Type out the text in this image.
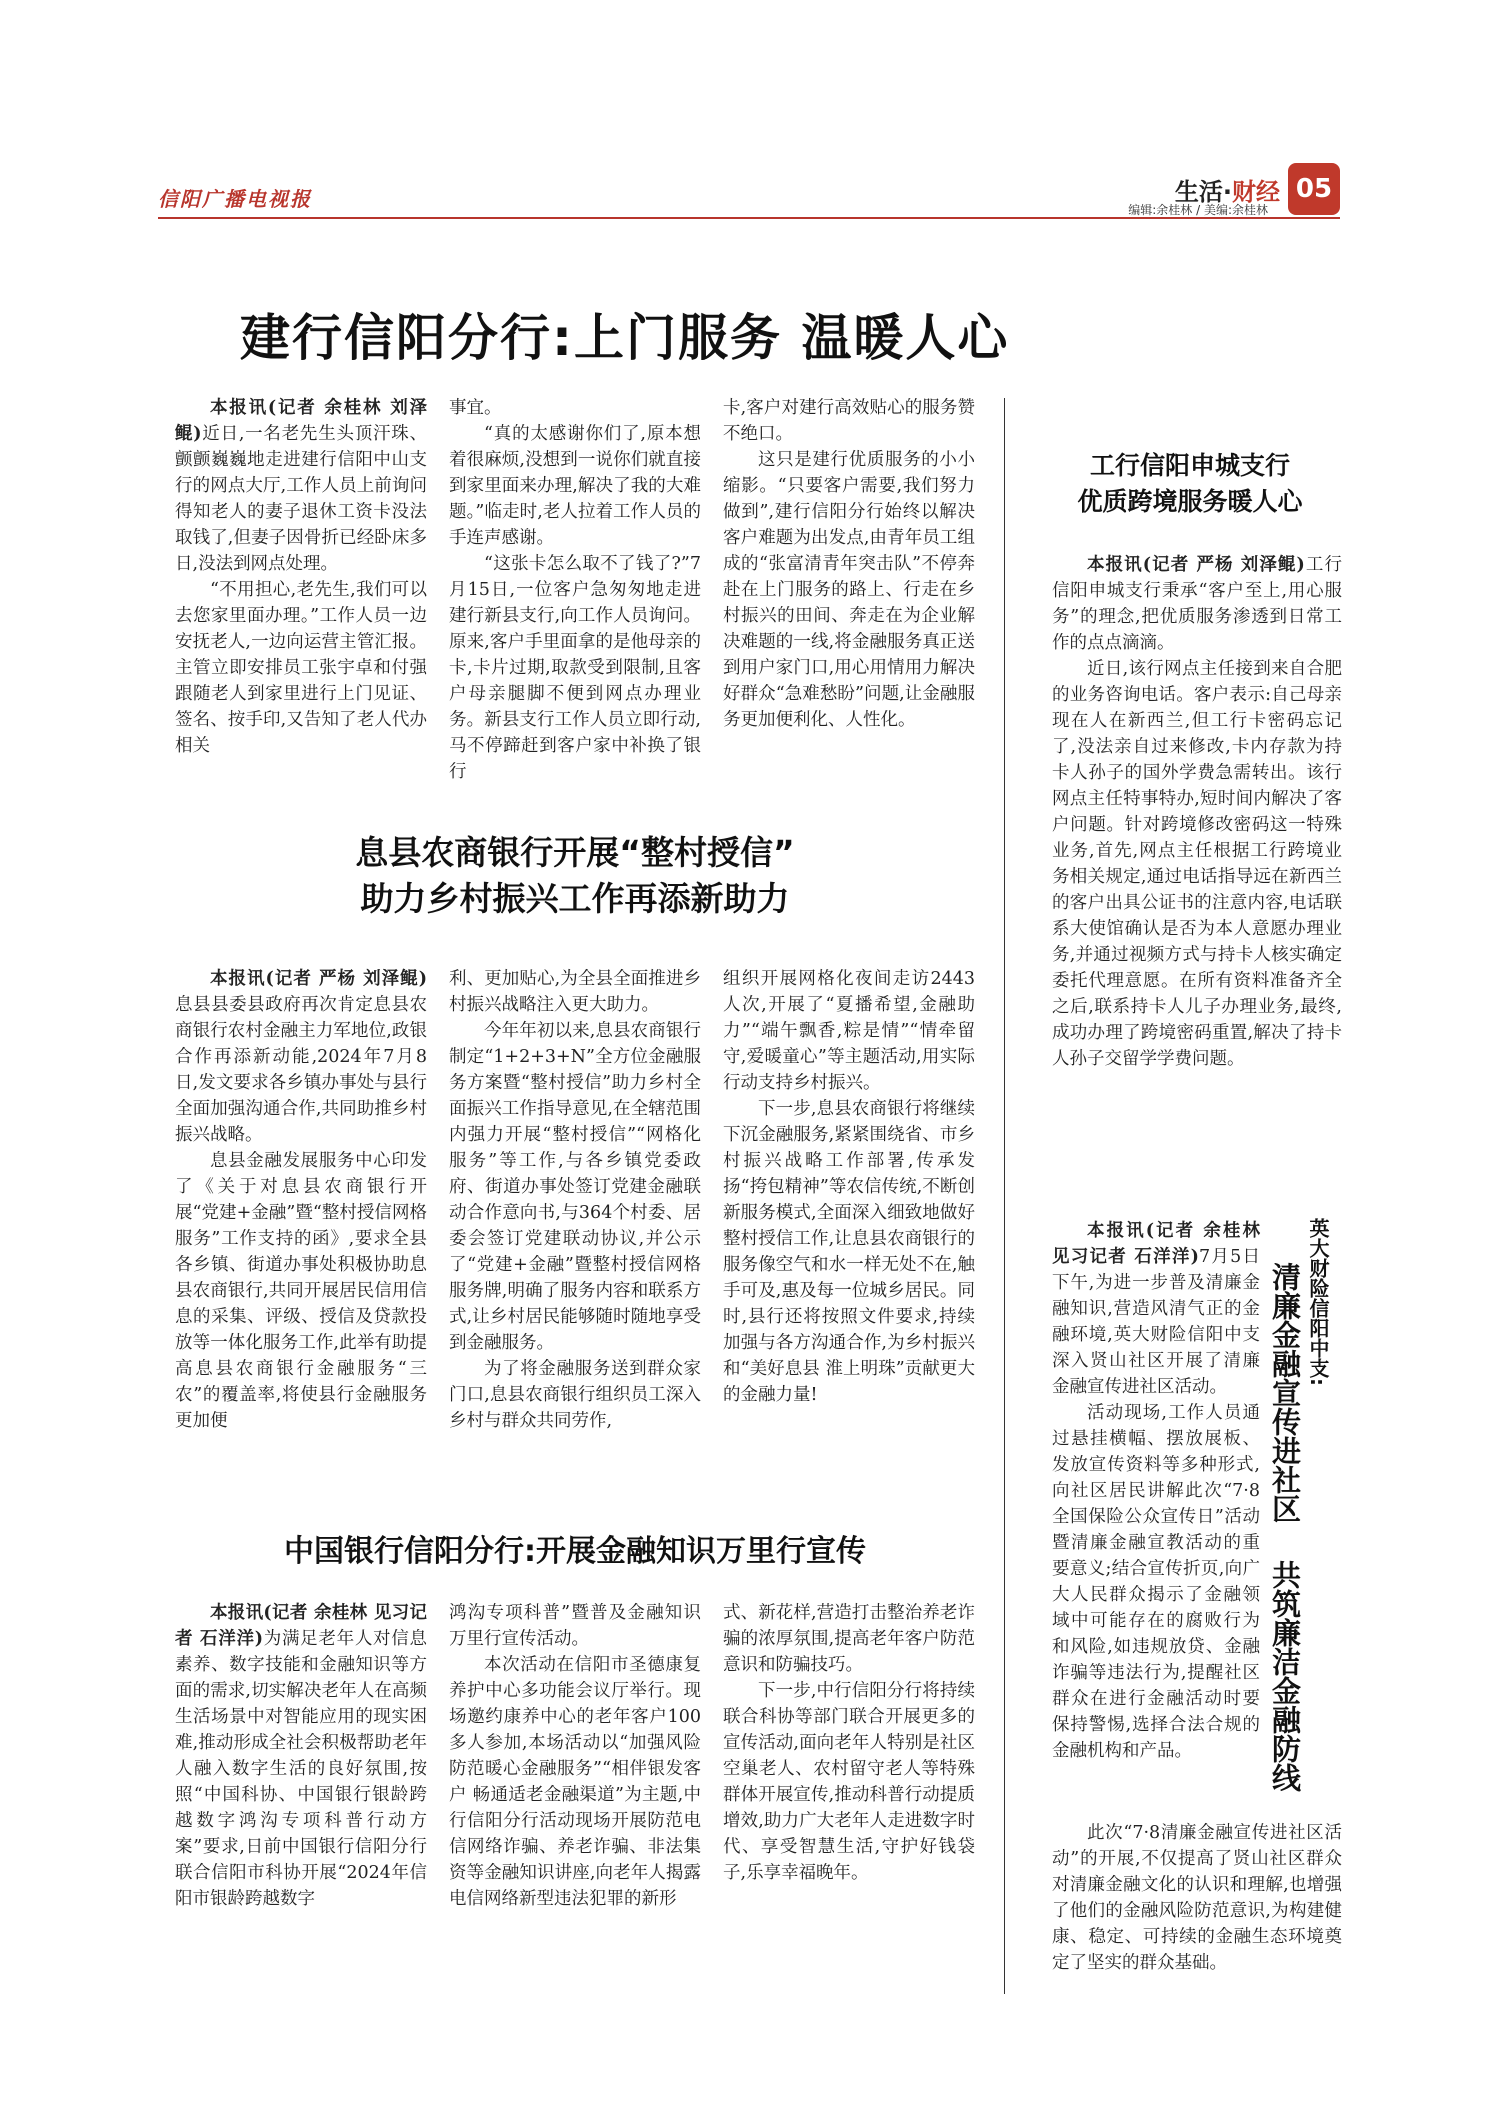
信阳广播电视报	生活·财经 05
编辑:余桂林 / 美编:余桂林
建行信阳分行:上门服务 温暖人心

本报讯(记者 余桂林 刘泽鲲)近日,一名老先生头顶汗珠、颤颤巍巍地走进建行信阳中山支行的网点大厅,工作人员上前询问得知老人的妻子退休工资卡没法取钱了,但妻子因骨折已经卧床多日,没法到网点处理。

“不用担心,老先生,我们可以去您家里面办理。”工作人员一边安抚老人,一边向运营主管汇报。主管立即安排员工张宇卓和付强跟随老人到家里进行上门见证、签名、按手印,又告知了老人代办相关

事宜。

“真的太感谢你们了,原本想着很麻烦,没想到一说你们就直接到家里面来办理,解决了我的大难题。”临走时,老人拉着工作人员的手连声感谢。

“这张卡怎么取不了钱了?”7月15日,一位客户急匆匆地走进建行新县支行,向工作人员询问。原来,客户手里面拿的是他母亲的卡,卡片过期,取款受到限制,且客户母亲腿脚不便到网点办理业务。新县支行工作人员立即行动,马不停蹄赶到客户家中补换了银行

卡,客户对建行高效贴心的服务赞不绝口。

这只是建行优质服务的小小缩影。“只要客户需要,我们努力做到”,建行信阳分行始终以解决客户难题为出发点,由青年员工组成的“张富清青年突击队”不停奔赴在上门服务的路上、行走在乡村振兴的田间、奔走在为企业解决难题的一线,将金融服务真正送到用户家门口,用心用情用力解决好群众“急难愁盼”问题,让金融服务更加便利化、人性化。

息县农商银行开展“整村授信”
助力乡村振兴工作再添新助力

本报讯(记者 严杨 刘泽鲲)息县县委县政府再次肯定息县农商银行农村金融主力军地位,政银合作再添新动能,2024年7月8日,发文要求各乡镇办事处与县行全面加强沟通合作,共同助推乡村振兴战略。

息县金融发展服务中心印发了《关于对息县农商银行开展“党建+金融”暨“整村授信网格服务”工作支持的函》,要求全县各乡镇、街道办事处积极协助息县农商银行,共同开展居民信用信息的采集、评级、授信及贷款投放等一体化服务工作,此举有助提高息县农商银行金融服务“三农”的覆盖率,将使县行金融服务更加便

利、更加贴心,为全县全面推进乡村振兴战略注入更大助力。

今年年初以来,息县农商银行制定“1+2+3+N”全方位金融服务方案暨“整村授信”助力乡村全面振兴工作指导意见,在全辖范围内强力开展“整村授信”“网格化服务”等工作,与各乡镇党委政府、街道办事处签订党建金融联动合作意向书,与364个村委、居委会签订党建联动协议,并公示了“党建+金融”暨整村授信网格服务牌,明确了服务内容和联系方式,让乡村居民能够随时随地享受到金融服务。

为了将金融服务送到群众家门口,息县农商银行组织员工深入乡村与群众共同劳作,

组织开展网格化夜间走访2443人次,开展了“夏播希望,金融助力”“端午飘香,粽是情”“情牵留守,爱暖童心”等主题活动,用实际行动支持乡村振兴。

下一步,息县农商银行将继续下沉金融服务,紧紧围绕省、市乡村振兴战略工作部署,传承发扬“挎包精神”等农信传统,不断创新服务模式,全面深入细致地做好整村授信工作,让息县农商银行的服务像空气和水一样无处不在,触手可及,惠及每一位城乡居民。同时,县行还将按照文件要求,持续加强与各方沟通合作,为乡村振兴和“美好息县 淮上明珠”贡献更大的金融力量!

中国银行信阳分行:开展金融知识万里行宣传

本报讯(记者 余桂林 见习记者 石洋洋)为满足老年人对信息素养、数字技能和金融知识等方面的需求,切实解决老年人在高频生活场景中对智能应用的现实困难,推动形成全社会积极帮助老年人融入数字生活的良好氛围,按照“中国科协、中国银行银龄跨越数字鸿沟专项科普行动方案”要求,日前中国银行信阳分行联合信阳市科协开展“2024年信阳市银龄跨越数字

鸿沟专项科普”暨普及金融知识万里行宣传活动。

本次活动在信阳市圣德康复养护中心多功能会议厅举行。现场邀约康养中心的老年客户100多人参加,本场活动以“加强风险防范暖心金融服务”“相伴银发客户 畅通适老金融渠道”为主题,中行信阳分行活动现场开展防范电信网络诈骗、养老诈骗、非法集资等金融知识讲座,向老年人揭露电信网络新型违法犯罪的新形

式、新花样,营造打击整治养老诈骗的浓厚氛围,提高老年客户防范意识和防骗技巧。

下一步,中行信阳分行将持续联合科协等部门联合开展更多的宣传活动,面向老年人特别是社区空巢老人、农村留守老人等特殊群体开展宣传,推动科普行动提质增效,助力广大老年人走进数字时代、享受智慧生活,守护好钱袋子,乐享幸福晚年。

工行信阳申城支行
优质跨境服务暖人心

本报讯(记者 严杨 刘泽鲲)工行信阳申城支行秉承“客户至上,用心服务”的理念,把优质服务渗透到日常工作的点点滴滴。

近日,该行网点主任接到来自合肥的业务咨询电话。客户表示:自己母亲现在人在新西兰,但工行卡密码忘记了,没法亲自过来修改,卡内存款为持卡人孙子的国外学费急需转出。该行网点主任特事特办,短时间内解决了客户问题。针对跨境修改密码这一特殊业务,首先,网点主任根据工行跨境业务相关规定,通过电话指导远在新西兰的客户出具公证书的注意内容,电话联系大使馆确认是否为本人意愿办理业务,并通过视频方式与持卡人核实确定委托代理意愿。在所有资料准备齐全之后,联系持卡人儿子办理业务,最终,成功办理了跨境密码重置,解决了持卡人孙子交留学学费问题。

英大财险信阳中支:
清廉金融宣传进社区
共筑廉洁金融防线

本报讯(记者 余桂林 见习记者 石洋洋)7月5日下午,为进一步普及清廉金融知识,营造风清气正的金融环境,英大财险信阳中支深入贤山社区开展了清廉金融宣传进社区活动。

活动现场,工作人员通过悬挂横幅、摆放展板、发放宣传资料等多种形式,向社区居民讲解此次“7·8全国保险公众宣传日”活动暨清廉金融宣教活动的重要意义;结合宣传折页,向广大人民群众揭示了金融领域中可能存在的腐败行为和风险,如违规放贷、金融诈骗等违法行为,提醒社区群众在进行金融活动时要保持警惕,选择合法合规的金融机构和产品。

此次“7·8清廉金融宣传进社区活动”的开展,不仅提高了贤山社区群众对清廉金融文化的认识和理解,也增强了他们的金融风险防范意识,为构建健康、稳定、可持续的金融生态环境奠定了坚实的群众基础。
